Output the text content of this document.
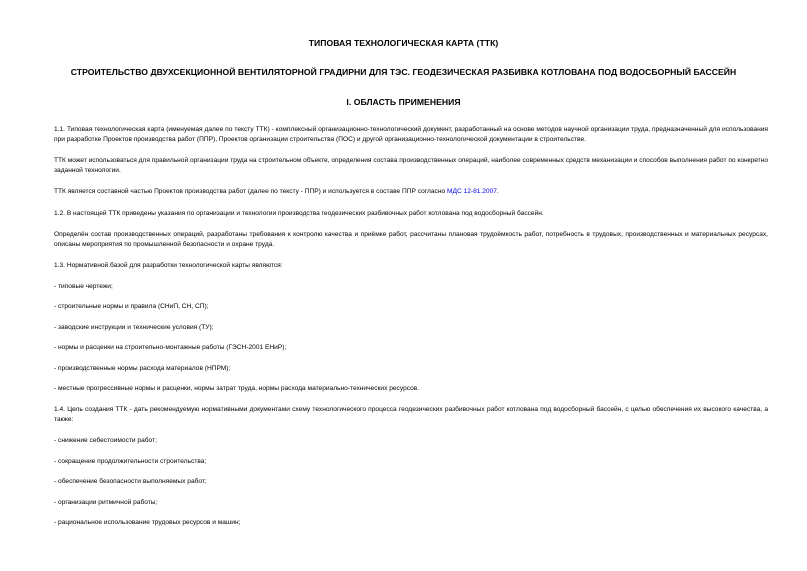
ТИПОВАЯ ТЕХНОЛОГИЧЕСКАЯ КАРТА (ТТК)
СТРОИТЕЛЬСТВО ДВУХСЕКЦИОННОЙ ВЕНТИЛЯТОРНОЙ ГРАДИРНИ ДЛЯ ТЭС. ГЕОДЕЗИЧЕСКАЯ РАЗБИВКА КОТЛОВАНА ПОД ВОДОСБОРНЫЙ БАССЕЙН
I. ОБЛАСТЬ ПРИМЕНЕНИЯ
1.1. Типовая технологическая карта (именуемая далее по тексту ТТК) - комплексный организационно-технологический документ, разработанный на основе методов научной организации труда, предназначенный для использования при разработке Проектов производства работ (ППР), Проектов организации строительства (ПОС) и другой организационно-технологической документации в строительстве.
ТТК может использоваться для правильной организации труда на строительном объекте, определения состава производственных операций, наиболее современных средств механизации и способов выполнения работ по конкретно заданной технологии.
ТТК является составной частью Проектов производства работ (далее по тексту - ППР) и используется в составе ППР согласно МДС 12-81.2007.
1.2. В настоящей ТТК приведены указания по организации и технологии производства геодезических разбивочных работ котлована под водосборный бассейн.
Определён состав производственных операций, разработаны требования к контролю качества и приёмке работ, рассчитаны плановая трудоёмкость работ, потребность в трудовых, производственных и материальных ресурсах, описаны мероприятия по промышленной безопасности и охране труда.
1.3. Нормативной базой для разработки технологической карты являются:
- типовые чертежи;
- строительные нормы и правила (СНиП, СН, СП);
- заводские инструкции и технические условия (ТУ);
- нормы и расценки на строительно-монтажные работы (ГЭСН-2001 ЕНиР);
- производственные нормы расхода материалов (НПРМ);
- местные прогрессивные нормы и расценки, нормы затрат труда, нормы расхода материально-технических ресурсов.
1.4. Цель создания ТТК - дать рекомендуемую нормативными документами схему технологического процесса геодезических разбивочных работ котлована под водосборный бассейн, с целью обеспечения их высокого качества, а также:
- снижение себестоимости работ;
- сокращение продолжительности строительства;
- обеспечение безопасности выполняемых работ;
- организации ритмичной работы;
- рациональное использование трудовых ресурсов и машин;
